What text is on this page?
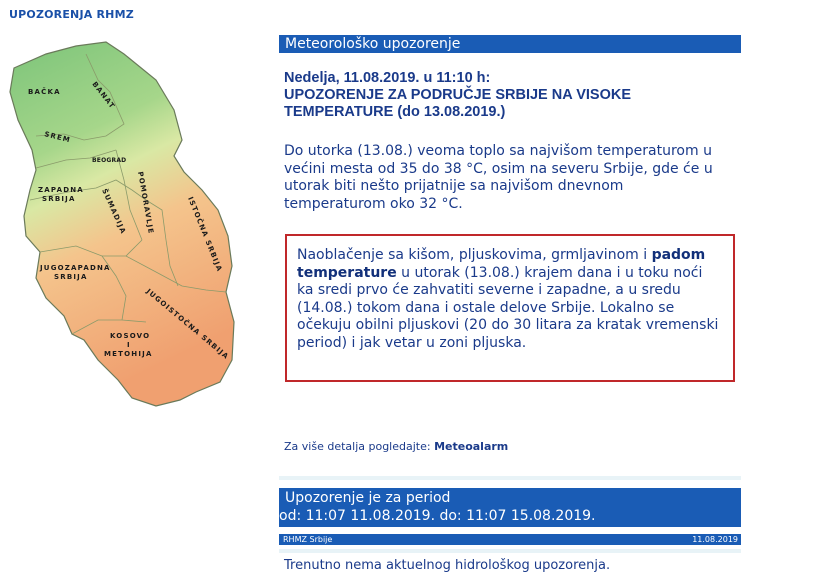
UPOZORENJA RHMZ
BAČKA	BANAT
SREM
BEOGRAD
ZAPADNA
SRBIJA	POMORAVLJE
ŠUMADIJA	ISTOČNA SRBIJA
JUGOZAPADNA
SRBIJA
JUGOISTOČNA SRBIJA
KOSOVO
I
METOHIJA
Meteorološko upozorenje
Nedelja, 11.08.2019. u 11:10 h:
UPOZORENJE ZA PODRUČJE SRBIJE NA VISOKE
TEMPERATURE (do 13.08.2019.)
Do utorka (13.08.) veoma toplo sa najvišom temperaturom u većini mesta od 35 do 38 °C, osim na severu Srbije, gde će u utorak biti nešto prijatnije sa najvišom dnevnom temperaturom oko 32 °C.
Naoblačenje sa kišom, pljuskovima, grmljavinom i padom temperature u utorak (13.08.) krajem dana i u toku noći ka sredi prvo će zahvatiti severne i zapadne, a u sredu (14.08.) tokom dana i ostale delove Srbije. Lokalno se očekuju obilni pljuskovi (20 do 30 litara za kratak vremenski period) i jak vetar u zoni pljuska.
Za više detalja pogledajte: Meteoalarm
Upozorenje je za period
od: 11:07 11.08.2019. do: 11:07 15.08.2019.
RHMZ Srbije	11.08.2019
Trenutno nema aktuelnog hidrološkog upozorenja.
